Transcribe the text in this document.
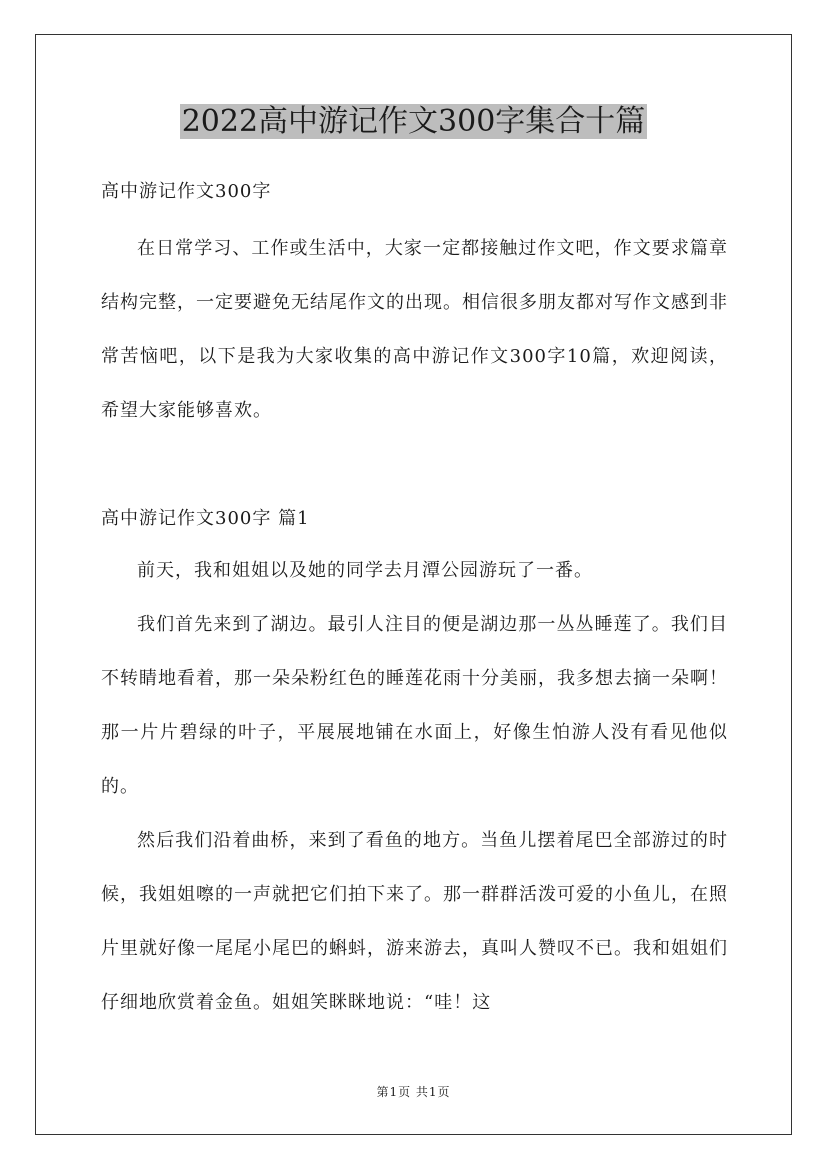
2022高中游记作文300字集合十篇
高中游记作文300字

在日常学习、工作或生活中，大家一定都接触过作文吧，作文要求篇章结构完整，一定要避免无结尾作文的出现。相信很多朋友都对写作文感到非常苦恼吧，以下是我为大家收集的高中游记作文300字10篇，欢迎阅读，希望大家能够喜欢。

高中游记作文300字 篇1

前天，我和姐姐以及她的同学去月潭公园游玩了一番。

我们首先来到了湖边。最引人注目的便是湖边那一丛丛睡莲了。我们目不转睛地看着，那一朵朵粉红色的睡莲花雨十分美丽，我多想去摘一朵啊！那一片片碧绿的叶子，平展展地铺在水面上，好像生怕游人没有看见他似的。

然后我们沿着曲桥，来到了看鱼的地方。当鱼儿摆着尾巴全部游过的时候，我姐姐嚓的一声就把它们拍下来了。那一群群活泼可爱的小鱼儿，在照片里就好像一尾尾小尾巴的蝌蚪，游来游去，真叫人赞叹不已。我和姐姐们仔细地欣赏着金鱼。姐姐笑眯眯地说：“哇！这

第1页 共1页
